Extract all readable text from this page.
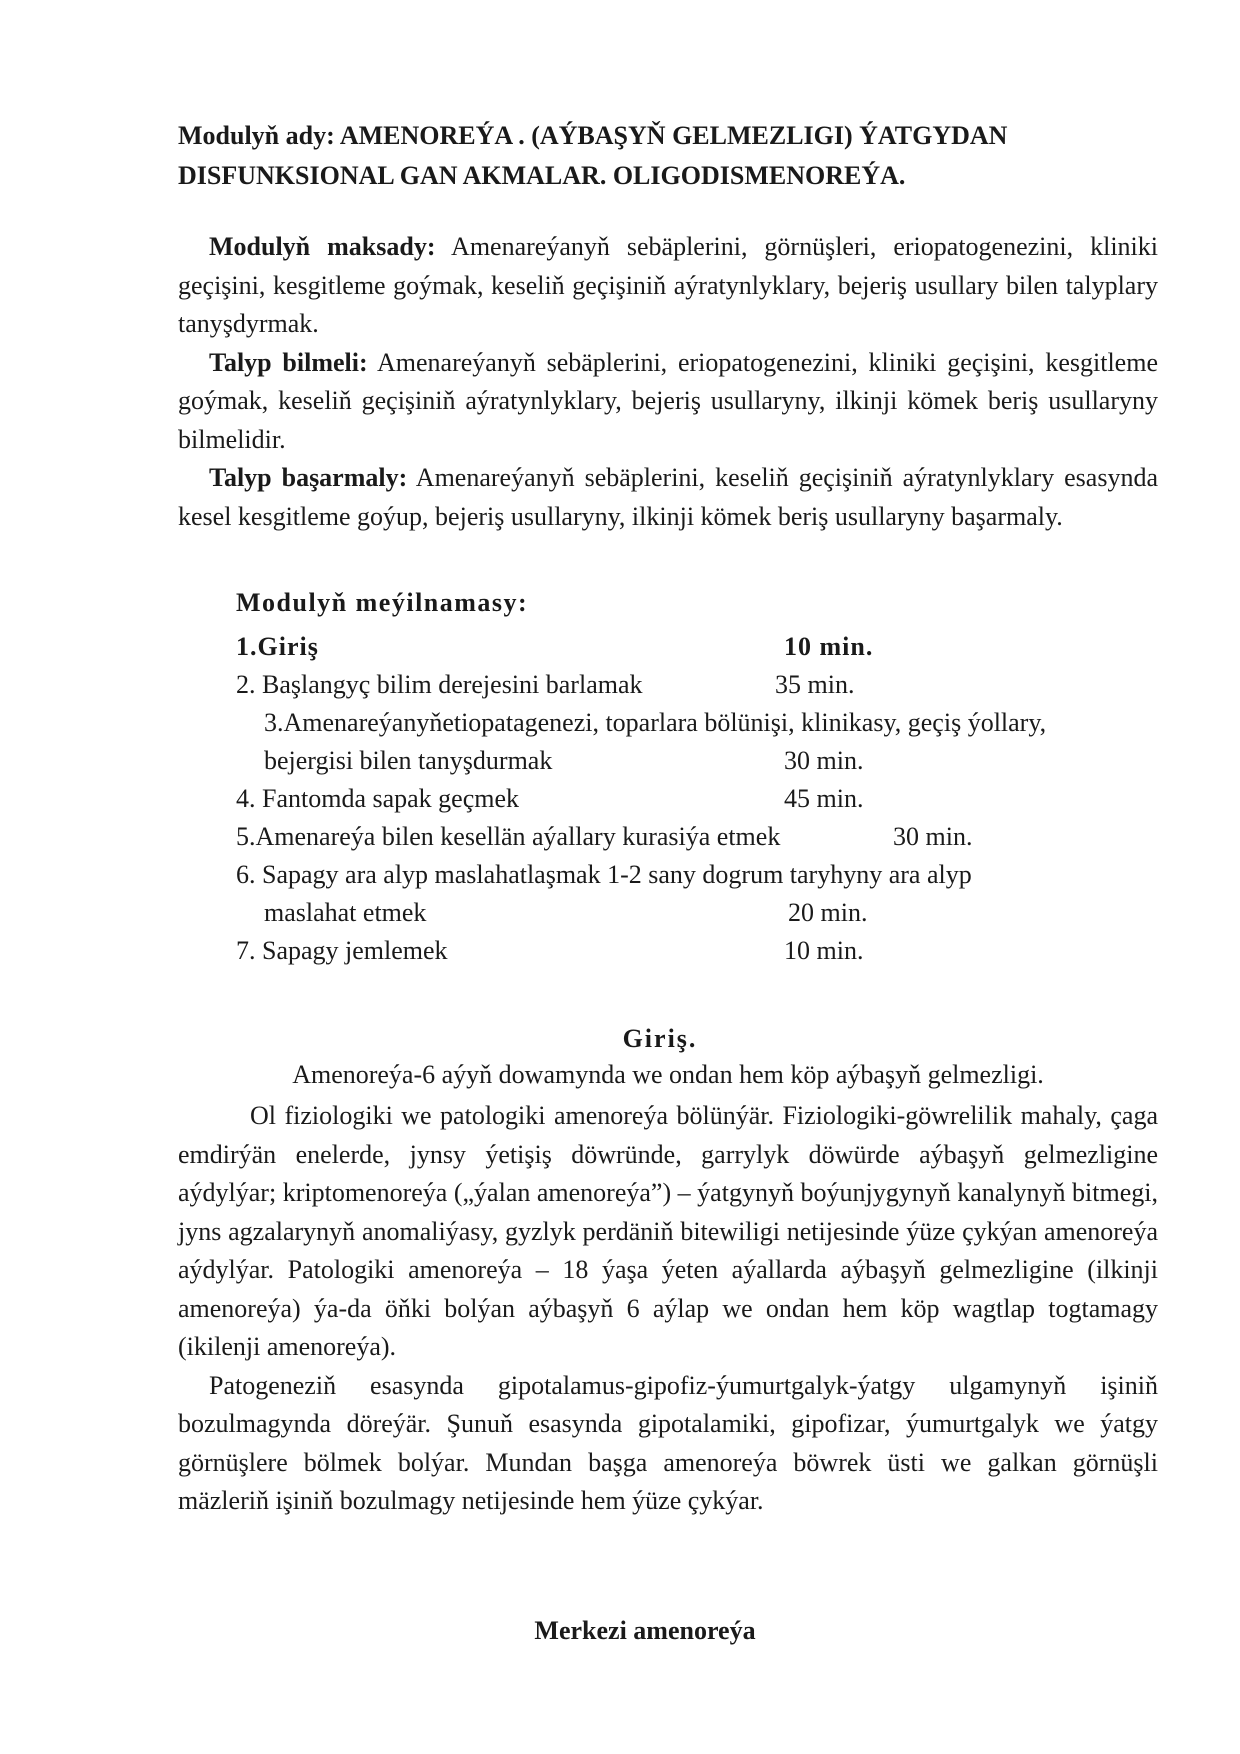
Modulyň ady: AMENOREÝA . (AÝBAŞYŇ GELMEZLIGI) ÝATGYDAN
DISFUNKSIONAL GAN AKMALAR. OLIGODISMENOREÝA.

Modulyň maksady: Amenareýanyň sebäplerini, görnüşleri, eriopatogenezini, kliniki geçişini, kesgitleme goýmak, keseliň geçişiniň aýratynlyklary, bejeriş usullary bilen talyplary tanyşdyrmak.

Talyp bilmeli: Amenareýanyň sebäplerini, eriopatogenezini, kliniki geçişini, kesgitleme goýmak, keseliň geçişiniň aýratynlyklary, bejeriş usullaryny, ilkinji kömek beriş usullaryny bilmelidir.

Talyp başarmaly: Amenareýanyň sebäplerini, keseliň geçişiniň aýratynlyklary esasynda kesel kesgitleme goýup, bejeriş usullaryny, ilkinji kömek beriş usullaryny başarmaly.

Modulyň meýilnamasy:
1.Giriş	10 min.
2. Başlangyç bilim derejesini barlamak	35 min.
3.Amenareýanyňetiopatagenezi, toparlara bölünişi, klinikasy, geçiş ýollary,
bejergisi bilen tanyşdurmak	30 min.
4. Fantomda sapak geçmek	45 min.
5.Amenareýa bilen kesellän aýallary kurasiýa etmek	30 min.
6. Sapagy ara alyp maslahatlaşmak 1-2 sany dogrum taryhyny ara alyp
maslahat etmek	20 min.
7. Sapagy jemlemek	10 min.
Giriş.
Amenoreýa-6 aýyň dowamynda we ondan hem köp aýbaşyň gelmezligi.

Ol fiziologiki we patologiki amenoreýa bölünýär. Fiziologiki-göwrelilik mahaly, çaga emdirýän enelerde, jynsy ýetişiş döwründe, garrylyk döwürde aýbaşyň gelmezligine aýdylýar; kriptomenoreýa („ýalan amenoreýa”) – ýatgynyň boýunjygynyň kanalynyň bitmegi, jyns agzalarynyň anomaliýasy, gyzlyk perdäniň bitewiligi netijesinde ýüze çykýan amenoreýa aýdylýar. Patologiki amenoreýa – 18 ýaşa ýeten aýallarda aýbaşyň gelmezligine (ilkinji amenoreýa) ýa-da öňki bolýan aýbaşyň 6 aýlap we ondan hem köp wagtlap togtamagy (ikilenji amenoreýa).

Patogeneziň esasynda gipotalamus-gipofiz-ýumurtgalyk-ýatgy ulgamynyň işiniň bozulmagynda döreýär. Şunuň esasynda gipotalamiki, gipofizar, ýumurtgalyk we ýatgy görnüşlere bölmek bolýar. Mundan başga amenoreýa böwrek üsti we galkan görnüşli mäzleriň işiniň bozulmagy netijesinde hem ýüze çykýar.

Merkezi amenoreýa
